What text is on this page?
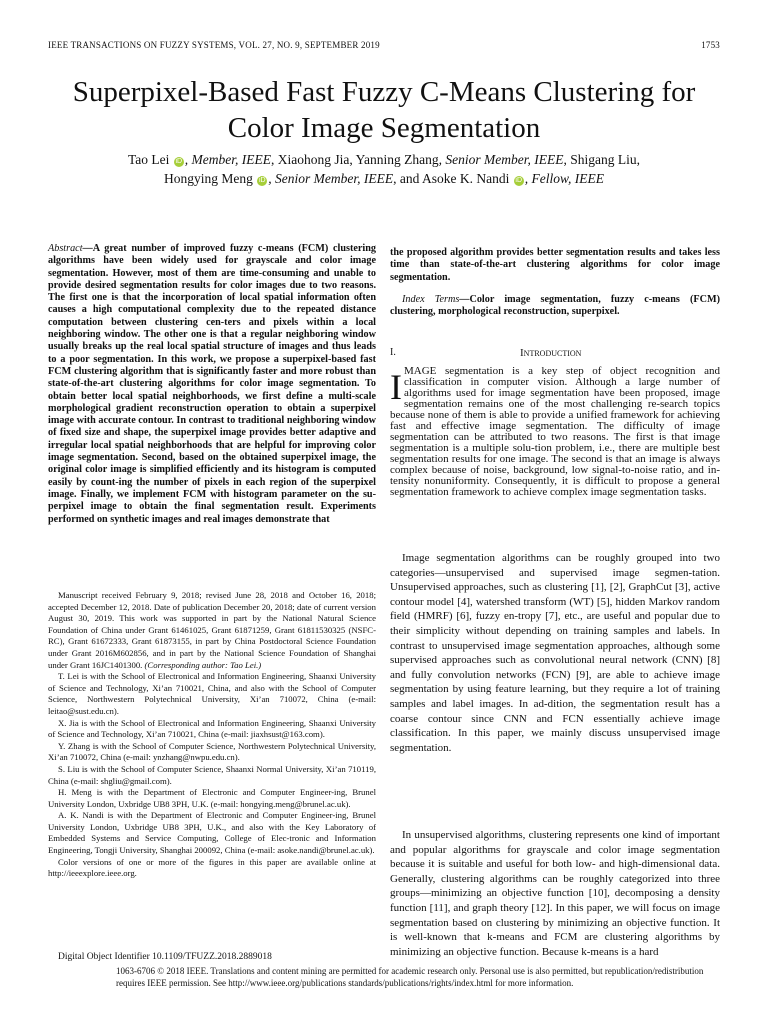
IEEE TRANSACTIONS ON FUZZY SYSTEMS, VOL. 27, NO. 9, SEPTEMBER 2019	1753
Superpixel-Based Fast Fuzzy C-Means Clustering for
Color Image Segmentation
Tao Lei iD , Member, IEEE, Xiaohong Jia, Yanning Zhang, Senior Member, IEEE, Shigang Liu,
Hongying Meng iD , Senior Member, IEEE, and Asoke K. Nandi iD , Fellow, IEEE
Abstract—A great number of improved fuzzy c-means (FCM) clustering algorithms have been widely used for grayscale and color image segmentation. However, most of them are time-consuming and unable to provide desired segmentation results for color images due to two reasons. The first one is that the incorporation of local spatial information often causes a high computational complexity due to the repeated distance computation between clustering cen-ters and pixels within a local neighboring window. The other one is that a regular neighboring window usually breaks up the real local spatial structure of images and thus leads to a poor segmentation. In this work, we propose a superpixel-based fast FCM clustering algorithm that is significantly faster and more robust than state-of-the-art clustering algorithms for color image segmentation. To obtain better local spatial neighborhoods, we first define a multi-scale morphological gradient reconstruction operation to obtain a superpixel image with accurate contour. In contrast to traditional neighboring window of fixed size and shape, the superpixel image provides better adaptive and irregular local spatial neighborhoods that are helpful for improving color image segmentation. Second, based on the obtained superpixel image, the original color image is simplified efficiently and its histogram is computed easily by count-ing the number of pixels in each region of the superpixel image. Finally, we implement FCM with histogram parameter on the su-perpixel image to obtain the final segmentation result. Experiments performed on synthetic images and real images demonstrate that
the proposed algorithm provides better segmentation results and takes less time than state-of-the-art clustering algorithms for color image segmentation.
Index Terms—Color image segmentation, fuzzy c-means (FCM) clustering, morphological reconstruction, superpixel.
I.	Introduction
IMAGE segmentation is a key step of object recognition and classification in computer vision. Although a large number of algorithms used for image segmentation have been proposed, image segmentation remains one of the most challenging re-search topics because none of them is able to provide a unified framework for achieving fast and effective image segmentation. The difficulty of image segmentation can be attributed to two reasons. The first is that image segmentation is a multiple solu-tion problem, i.e., there are multiple best segmentation results for one image. The second is that an image is always complex because of noise, background, low signal-to-noise ratio, and in-tensity nonuniformity. Consequently, it is difficult to propose a general segmentation framework to achieve complex image segmentation tasks.
Image segmentation algorithms can be roughly grouped into two categories—unsupervised and supervised image segmen-tation. Unsupervised approaches, such as clustering [1], [2], GraphCut [3], active contour model [4], watershed transform (WT) [5], hidden Markov random field (HMRF) [6], fuzzy en-tropy [7], etc., are useful and popular due to their simplicity without depending on training samples and labels. In contrast to unsupervised image segmentation approaches, although some supervised approaches such as convolutional neural network (CNN) [8] and fully convolution networks (FCN) [9], are able to achieve image segmentation by using feature learning, but they require a lot of training samples and label images. In ad-dition, the segmentation result has a coarse contour since CNN and FCN essentially achieve image classification. In this paper, we mainly discuss unsupervised image segmentation.
In unsupervised algorithms, clustering represents one kind of important and popular algorithms for grayscale and color image segmentation because it is suitable and useful for both low- and high-dimensional data. Generally, clustering algorithms can be roughly categorized into three groups—minimizing an objective function [10], decomposing a density function [11], and graph theory [12]. In this paper, we will focus on image segmentation based on clustering by minimizing an objective function. It is well-known that k-means and FCM are clustering algorithms by minimizing an objective function. Because k-means is a hard

Manuscript received February 9, 2018; revised June 28, 2018 and October 16, 2018; accepted December 12, 2018. Date of publication December 20, 2018; date of current version August 30, 2019. This work was supported in part by the National Natural Science Foundation of China under Grant 61461025, Grant 61871259, Grant 61811530325 (NSFC-RC), Grant 61672333, Grant 61873155, in part by China Postdoctoral Science Foundation under Grant 2016M602856, and in part by the National Science Foundation of Shanghai under Grant 16JC1401300. (Corresponding author: Tao Lei.)

T. Lei is with the School of Electronical and Information Engineering, Shaanxi University of Science and Technology, Xi’an 710021, China, and also with the School of Computer Science, Northwestern Polytechnical University, Xi’an 710072, China (e-mail: leitao@sust.edu.cn).

X. Jia is with the School of Electronical and Information Engineering, Shaanxi University of Science and Technology, Xi’an 710021, China (e-mail: jiaxhsust@163.com).

Y. Zhang is with the School of Computer Science, Northwestern Polytechnical University, Xi’an 710072, China (e-mail: ynzhang@nwpu.edu.cn).

S. Liu is with the School of Computer Science, Shaanxi Normal University, Xi’an 710119, China (e-mail: shgliu@gmail.com).

H. Meng is with the Department of Electronic and Computer Engineer-ing, Brunel University London, Uxbridge UB8 3PH, U.K. (e-mail: hongying.meng@brunel.ac.uk).

A. K. Nandi is with the Department of Electronic and Computer Engineer-ing, Brunel University London, Uxbridge UB8 3PH, U.K., and also with the Key Laboratory of Embedded Systems and Service Computing, College of Elec-tronic and Information Engineering, Tongji University, Shanghai 200092, China (e-mail: asoke.nandi@brunel.ac.uk).

Color versions of one or more of the figures in this paper are available online at http://ieeexplore.ieee.org.

Digital Object Identifier 10.1109/TFUZZ.2018.2889018
1063-6706 © 2018 IEEE. Translations and content mining are permitted for academic research only. Personal use is also permitted, but republication/redistribution requires IEEE permission. See http://www.ieee.org/publications standards/publications/rights/index.html for more information.
